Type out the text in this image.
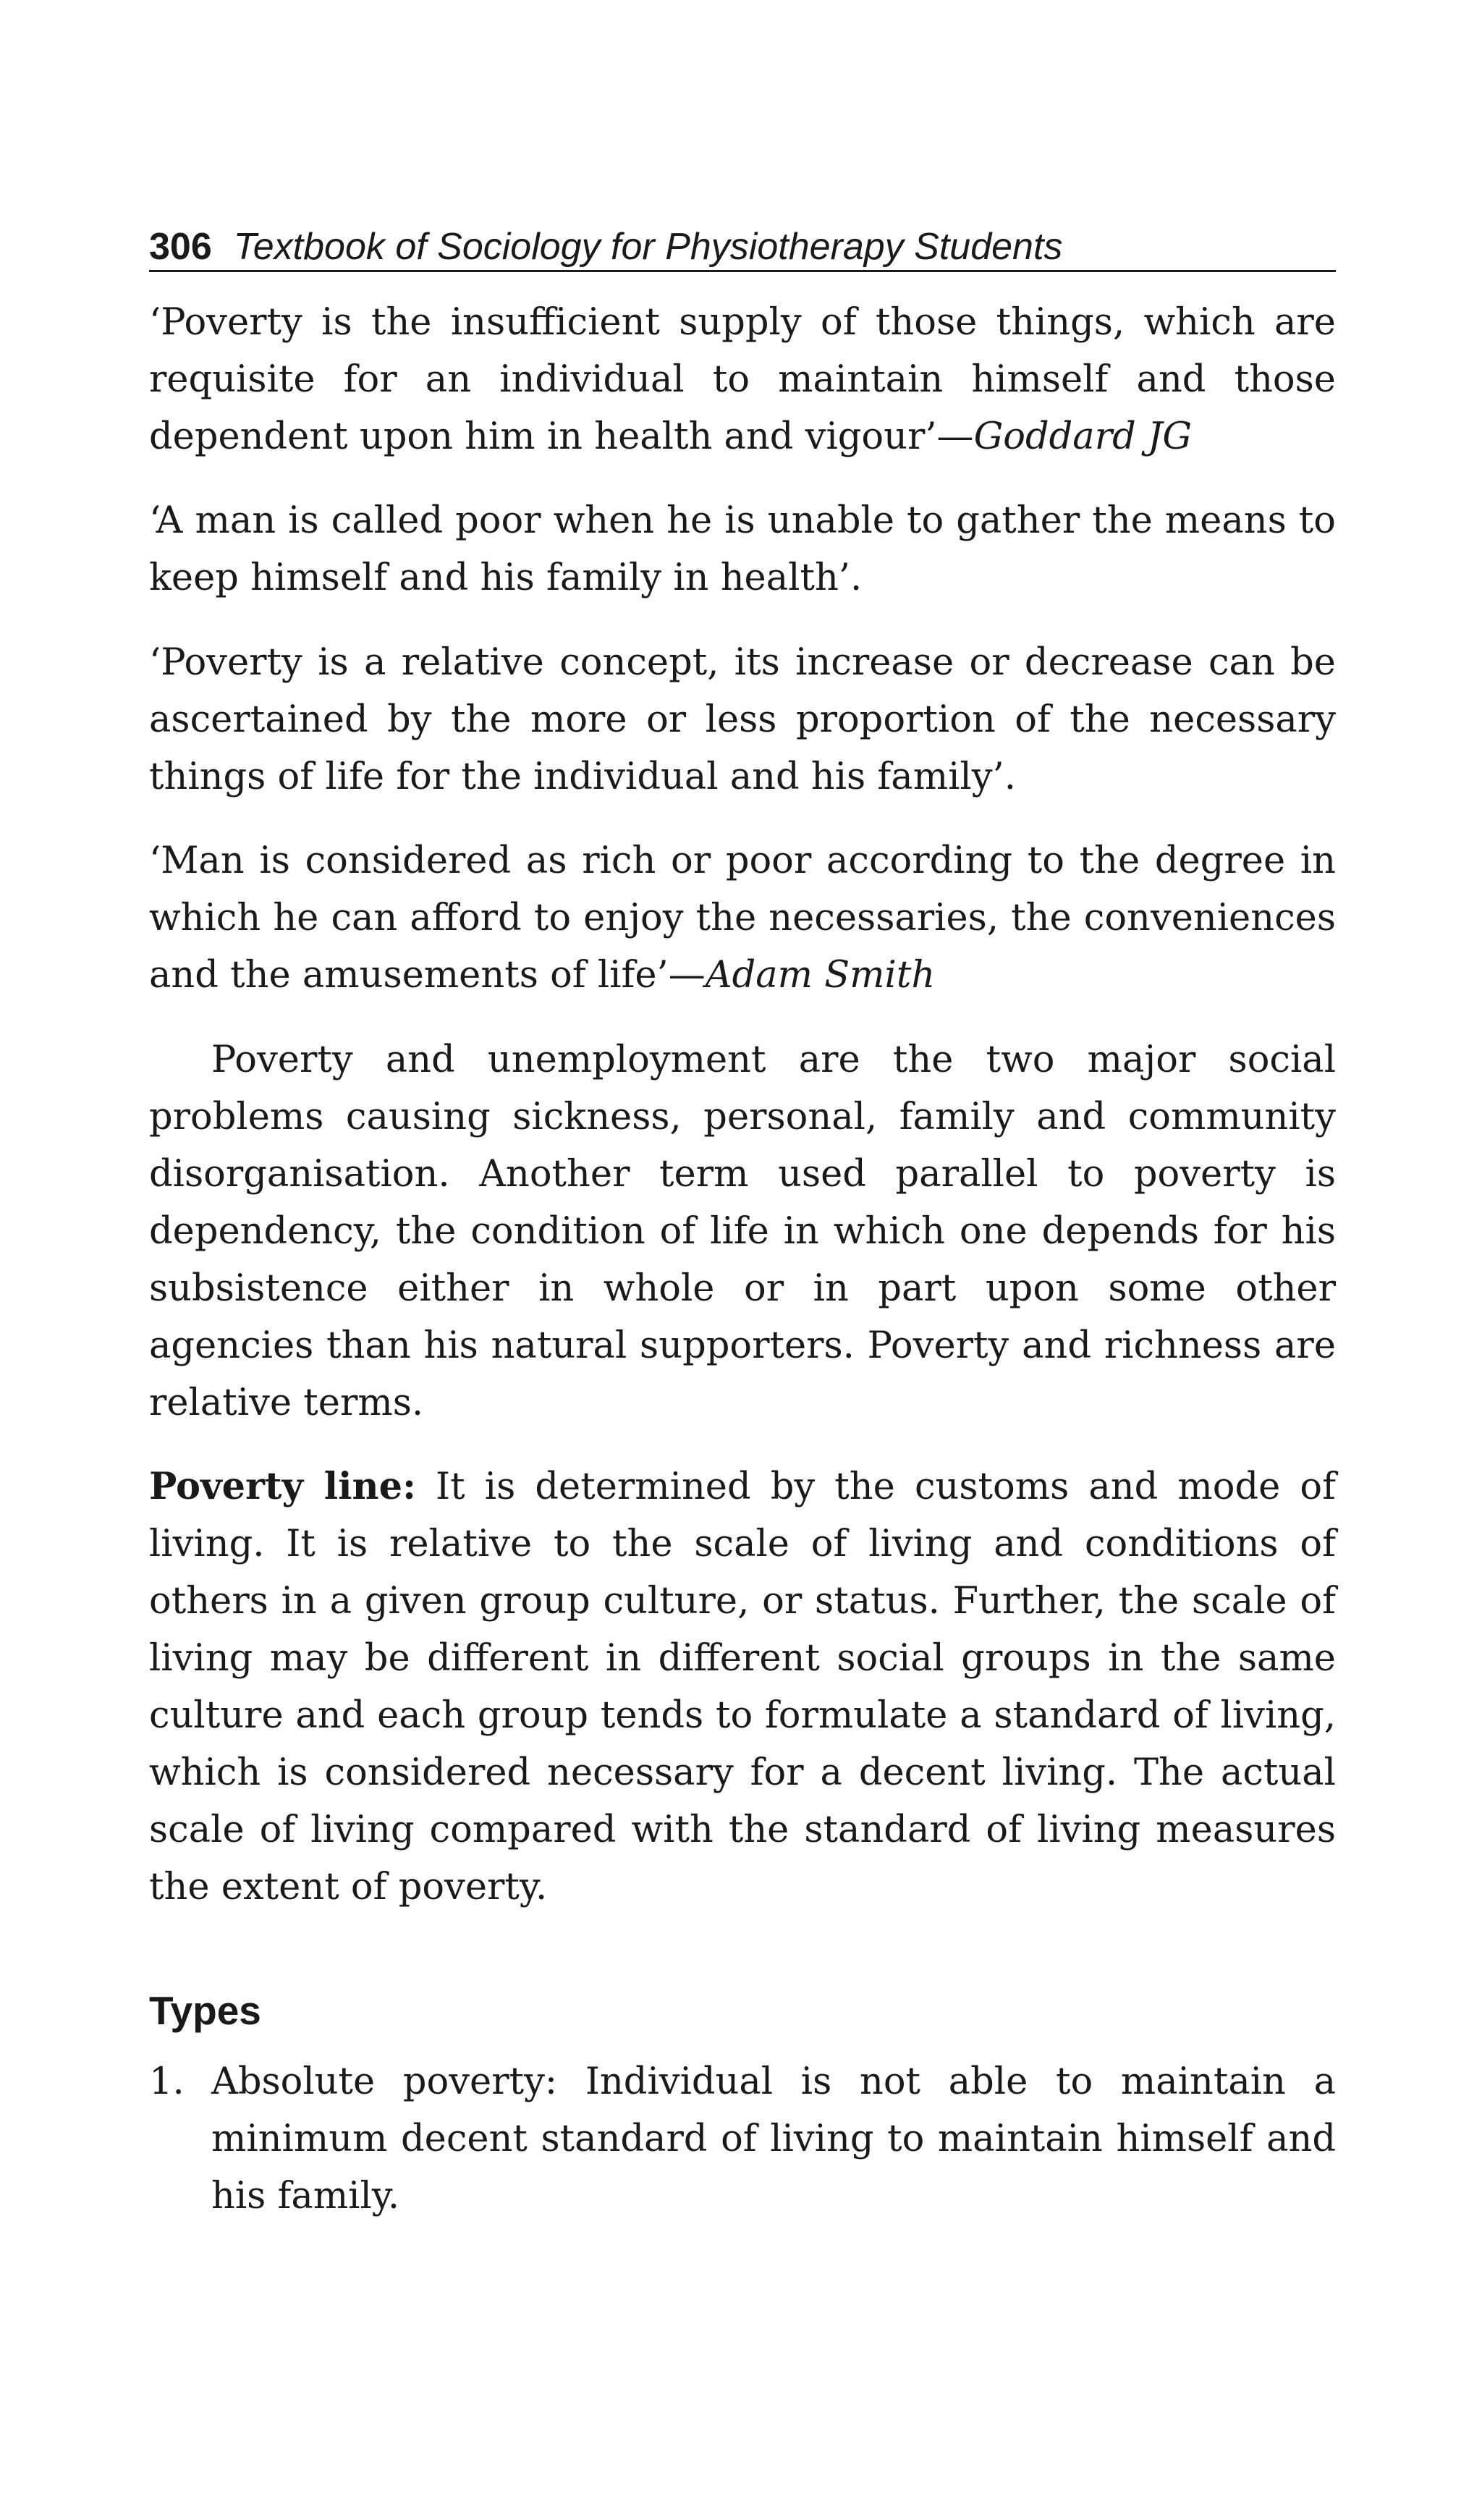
306 Textbook of Sociology for Physiotherapy Students

‘Poverty is the insufficient supply of those things, which are requisite for an individual to maintain himself and those dependent upon him in health and vigour’—Goddard JG

‘A man is called poor when he is unable to gather the means to keep himself and his family in health’.

‘Poverty is a relative concept, its increase or decrease can be ascertained by the more or less proportion of the necessary things of life for the individual and his family’.

‘Man is considered as rich or poor according to the degree in which he can afford to enjoy the necessaries, the conveniences and the amusements of life’—Adam Smith

Poverty and unemployment are the two major social problems causing sickness, personal, family and community disorganisation. Another term used parallel to poverty is dependency, the condition of life in which one depends for his subsistence either in whole or in part upon some other agencies than his natural supporters. Poverty and richness are relative terms.

Poverty line: It is determined by the customs and mode of living. It is relative to the scale of living and conditions of others in a given group culture, or status. Further, the scale of living may be different in different social groups in the same culture and each group tends to formulate a standard of living, which is considered necessary for a decent living. The actual scale of living compared with the standard of living measures the extent of poverty.

Types
1. Absolute poverty: Individual is not able to maintain a minimum decent standard of living to maintain himself and his family.
